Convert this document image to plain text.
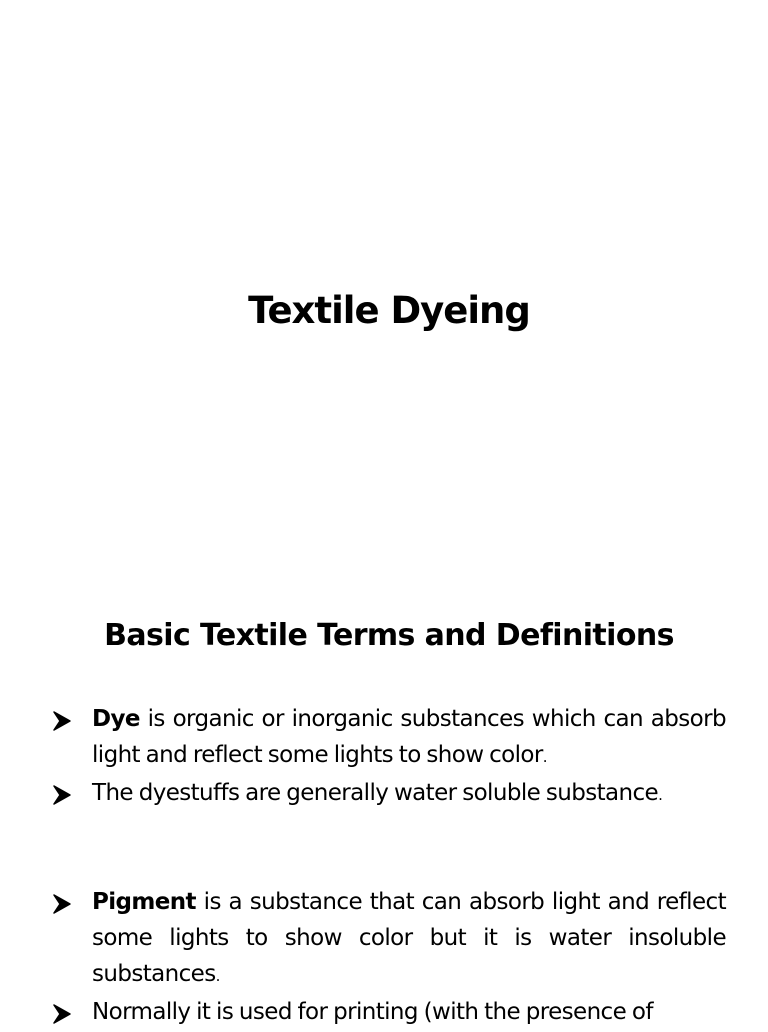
Textile Dyeing
Basic Textile Terms and Definitions
Dye is organic or inorganic substances which can absorb light and reflect some lights to show color.
The dyestuffs are generally water soluble substance.
Pigment is a substance that can absorb light and reflect some lights to show color but it is water insoluble substances.
Normally it is used for printing (with the presence of
